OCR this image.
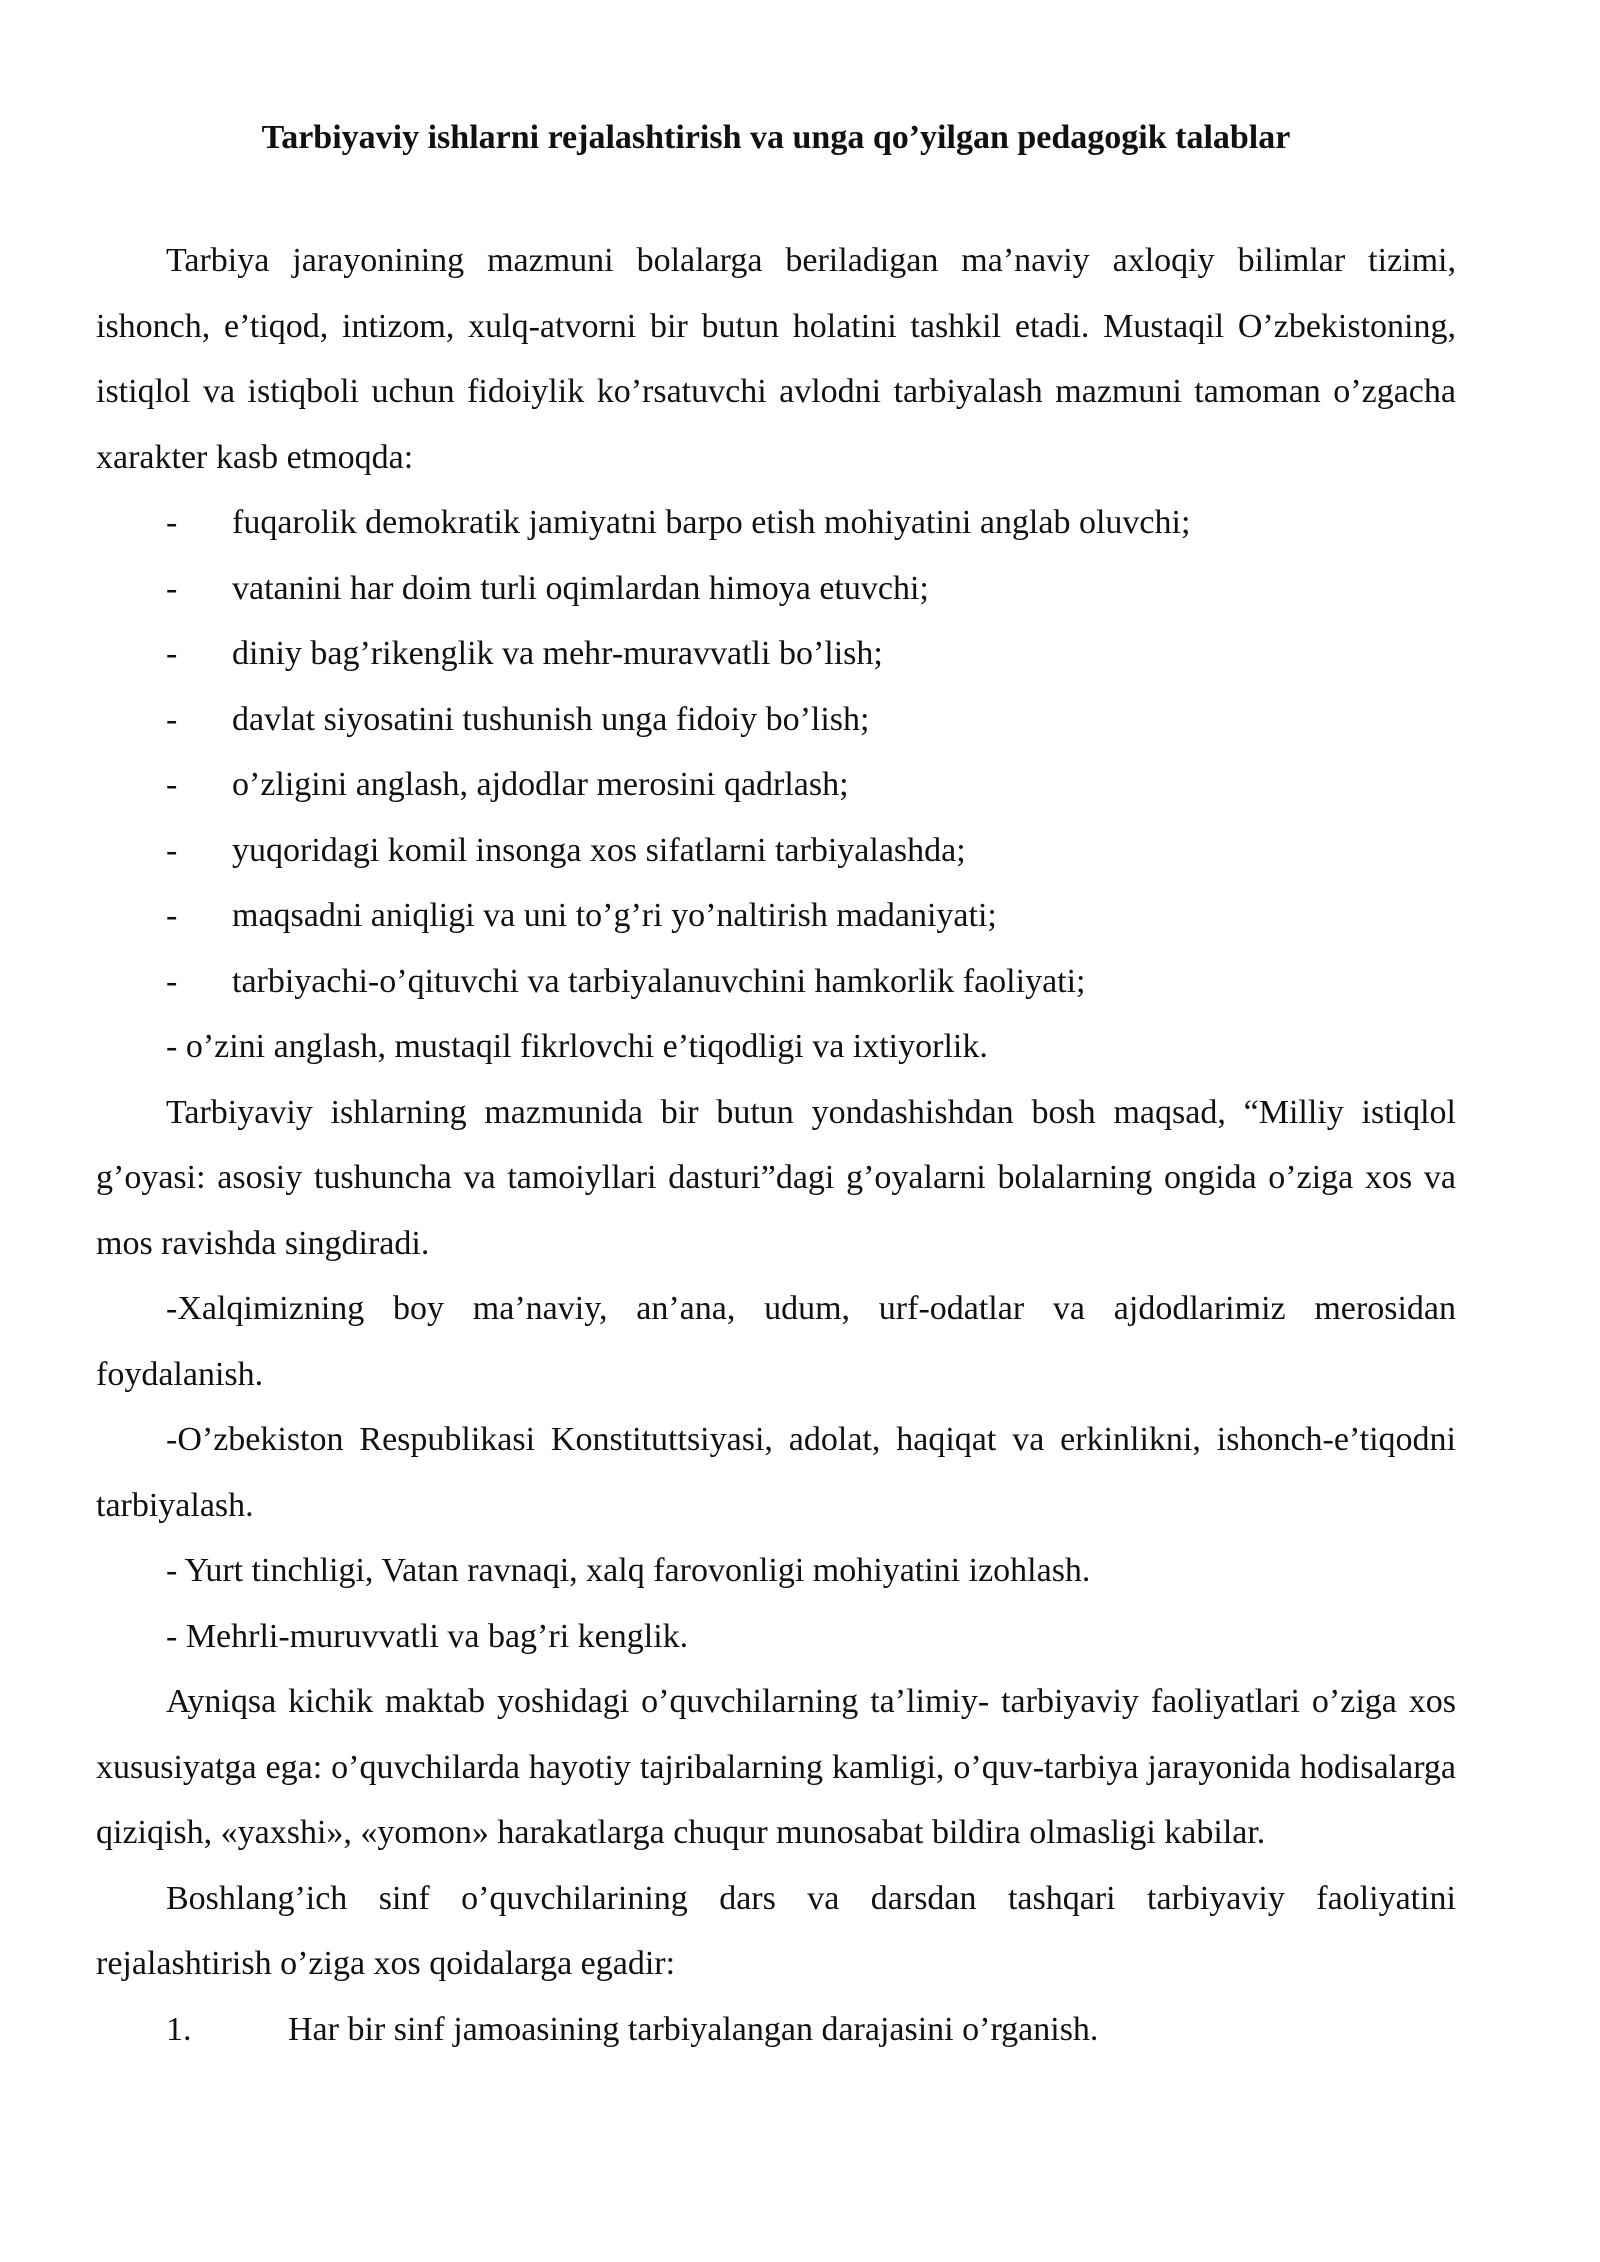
Tarbiyaviy ishlarni rejalashtirish va unga qo’yilgan pedagogik talablar

Tarbiya jarayonining mazmuni bolalarga beriladigan ma’naviy axloqiy bilimlar tizimi, ishonch, e’tiqod, intizom, xulq-atvorni bir butun holatini tashkil etadi. Mustaqil O’zbekistoning, istiqlol va istiqboli uchun fidoiylik ko’rsatuvchi avlodni tarbiyalash mazmuni tamoman o’zgacha xarakter kasb etmoqda:

- fuqarolik demokratik jamiyatni barpo etish mohiyatini anglab oluvchi;

- vatanini har doim turli oqimlardan himoya etuvchi;

- diniy bag’rikenglik va mehr-muravvatli bo’lish;

- davlat siyosatini tushunish unga fidoiy bo’lish;

- o’zligini anglash, ajdodlar merosini qadrlash;

- yuqoridagi komil insonga xos sifatlarni tarbiyalashda;

- maqsadni aniqligi va uni to’g’ri yo’naltirish madaniyati;

- tarbiyachi-o’qituvchi va tarbiyalanuvchini hamkorlik faoliyati;

- o’zini anglash, mustaqil fikrlovchi e’tiqodligi va ixtiyorlik.

Tarbiyaviy ishlarning mazmunida bir butun yondashishdan bosh maqsad, “Milliy istiqlol g’oyasi: asosiy tushuncha va tamoiyllari dasturi”dagi g’oyalarni bolalarning ongida o’ziga xos va mos ravishda singdiradi.

-Xalqimizning boy ma’naviy, an’ana, udum, urf-odatlar va ajdodlarimiz merosidan foydalanish.

-O’zbekiston Respublikasi Konstituttsiyasi, adolat, haqiqat va erkinlikni, ishonch-e’tiqodni tarbiyalash.

- Yurt tinchligi, Vatan ravnaqi, xalq farovonligi mohiyatini izohlash.

- Mehrli-muruvvatli va bag’ri kenglik.

Ayniqsa kichik maktab yoshidagi o’quvchilarning ta’limiy- tarbiyaviy faoliyatlari o’ziga xos xususiyatga ega: o’quvchilarda hayotiy tajribalarning kamligi, o’quv-tarbiya jarayonida hodisalarga qiziqish, «yaxshi», «yomon» harakatlarga chuqur munosabat bildira olmasligi kabilar.

Boshlang’ich sinf o’quvchilarining dars va darsdan tashqari tarbiyaviy faoliyatini rejalashtirish o’ziga xos qoidalarga egadir:

1.	Har bir sinf jamoasining tarbiyalangan darajasini o’rganish.
